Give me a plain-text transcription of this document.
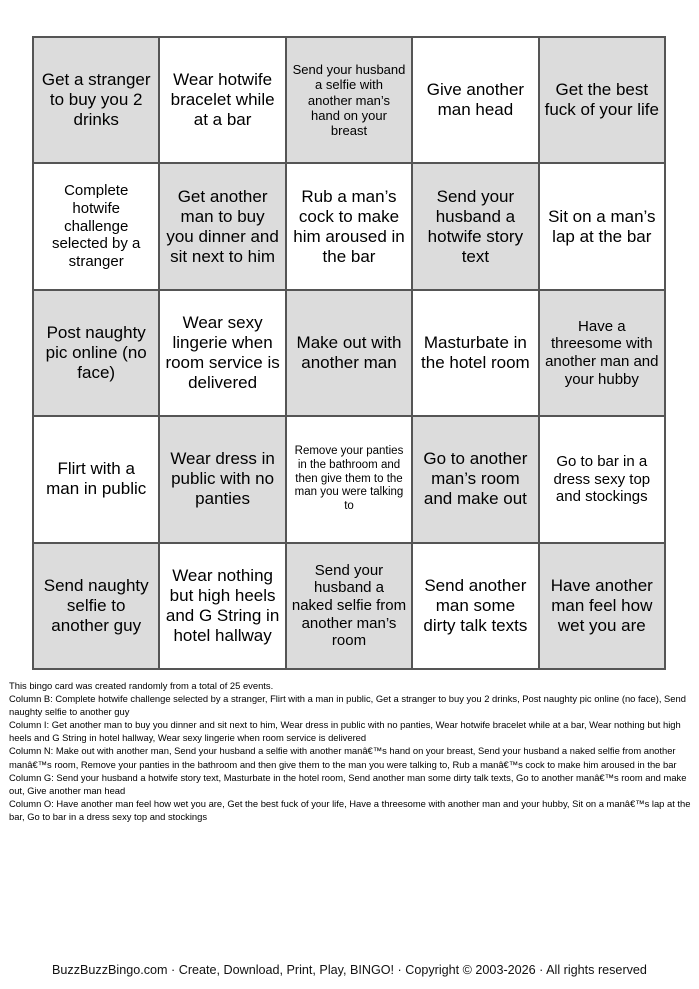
Get a stranger to buy you 2 drinks
Wear hotwife bracelet while at a bar
Send your husband a selfie with another man’s hand on your breast
Give another man head
Get the best fuck of your life
Complete hotwife challenge selected by a stranger
Get another man to buy you dinner and sit next to him
Rub a man’s cock to make him aroused in the bar
Send your husband a hotwife story text
Sit on a man’s lap at the bar
Post naughty pic online (no face)
Wear sexy lingerie when room service is delivered
Make out with another man
Masturbate in the hotel room
Have a threesome with another man and your hubby
Flirt with a man in public
Wear dress in public with no panties
Remove your panties in the bathroom and then give them to the man you were talking to
Go to another man’s room and make out
Go to bar in a dress sexy top and stockings
Send naughty selfie to another guy
Wear nothing but high heels and G String in hotel hallway
Send your husband a naked selfie from another man’s room
Send another man some dirty talk texts
Have another man feel how wet you are

This bingo card was created randomly from a total of 25 events.

Column B: Complete hotwife challenge selected by a stranger, Flirt with a man in public, Get a stranger to buy you 2 drinks, Post naughty pic online (no face), Send naughty selfie to another guy

Column I: Get another man to buy you dinner and sit next to him, Wear dress in public with no panties, Wear hotwife bracelet while at a bar, Wear nothing but high heels and G String in hotel hallway, Wear sexy lingerie when room service is delivered

Column N: Make out with another man, Send your husband a selfie with another manâ€™s hand on your breast, Send your husband a naked selfie from another manâ€™s room, Remove your panties in the bathroom and then give them to the man you were talking to, Rub a manâ€™s cock to make him aroused in the bar

Column G: Send your husband a hotwife story text, Masturbate in the hotel room, Send another man some dirty talk texts, Go to another manâ€™s room and make out, Give another man head

Column O: Have another man feel how wet you are, Get the best fuck of your life, Have a threesome with another man and your hubby, Sit on a manâ€™s lap at the bar, Go to bar in a dress sexy top and stockings

BuzzBuzzBingo.com · Create, Download, Print, Play, BINGO! · Copyright © 2003-2026 · All rights reserved
